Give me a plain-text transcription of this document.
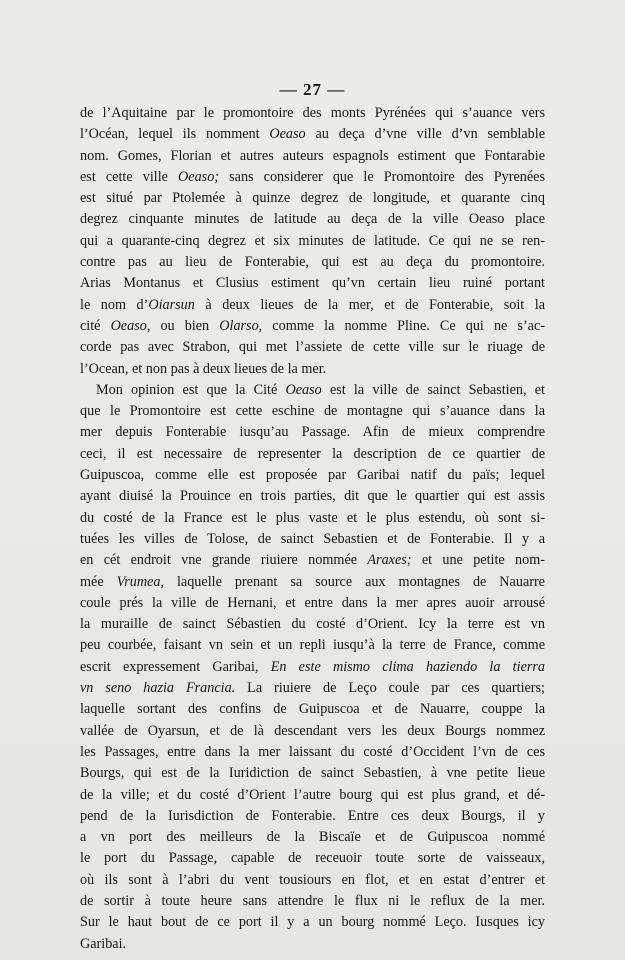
— 27 —
de l’Aquitaine par le promontoire des monts Pyrénées qui s’auance vers
l’Océan, lequel ils nomment Oeaso au deça d’vne ville d’vn semblable
nom. Gomes, Florian et autres auteurs espagnols estiment que Fontarabie
est cette ville Oeaso; sans considerer que le Promontoire des Pyrenées
est situé par Ptolemée à quinze degrez de longitude, et quarante cinq
degrez cinquante minutes de latitude au deça de la ville Oeaso place
qui a quarante-cinq degrez et six minutes de latitude. Ce qui ne se ren-
contre pas au lieu de Fonterabie, qui est au deça du promontoire.
Arias Montanus et Clusius estiment qu’vn certain lieu ruiné portant
le nom d’Oiarsun à deux lieues de la mer, et de Fonterabie, soit la
cité Oeaso, ou bien Olarso, comme la nomme Pline. Ce qui ne s’ac-
corde pas avec Strabon, qui met l’assiete de cette ville sur le riuage de
l’Ocean, et non pas à deux lieues de la mer.
Mon opinion est que la Cité Oeaso est la ville de sainct Sebastien, et
que le Promontoire est cette eschine de montagne qui s’auance dans la
mer depuis Fonterabie iusqu’au Passage. Afin de mieux comprendre
ceci, il est necessaire de representer la description de ce quartier de
Guipuscoa, comme elle est proposée par Garibai natif du païs; lequel
ayant diuisé la Prouince en trois parties, dit que le quartier qui est assis
du costé de la France est le plus vaste et le plus estendu, où sont si-
tuées les villes de Tolose, de sainct Sebastien et de Fonterabie. Il y a
en cét endroit vne grande riuiere nommée Araxes; et une petite nom-
mée Vrumea, laquelle prenant sa source aux montagnes de Nauarre
coule prés la ville de Hernani, et entre dans la mer apres auoir arrousé
la muraille de sainct Sébastien du costé d’Orient. Icy la terre est vn
peu courbée, faisant vn sein et un repli iusqu’à la terre de France, comme
escrit expressement Garibai, En este mismo clima haziendo la tierra
vn seno hazia Francia. La riuiere de Leço coule par ces quartiers;
laquelle sortant des confins de Guipuscoa et de Nauarre, couppe la
vallée de Oyarsun, et de là descendant vers les deux Bourgs nommez
les Passages, entre dans la mer laissant du costé d’Occident l’vn de ces
Bourgs, qui est de la Iuridiction de sainct Sebastien, à vne petite lieue
de la ville; et du costé d’Orient l’autre bourg qui est plus grand, et dé-
pend de la Iurisdiction de Fonterabie. Entre ces deux Bourgs, il y
a vn port des meilleurs de la Biscaïe et de Guipuscoa nommé
le port du Passage, capable de receuoir toute sorte de vaisseaux,
où ils sont à l’abri du vent tousiours en flot, et en estat d’entrer et
de sortir à toute heure sans attendre le flux ni le reflux de la mer.
Sur le haut bout de ce port il y a un bourg nommé Leço. Iusques icy
Garibai.
